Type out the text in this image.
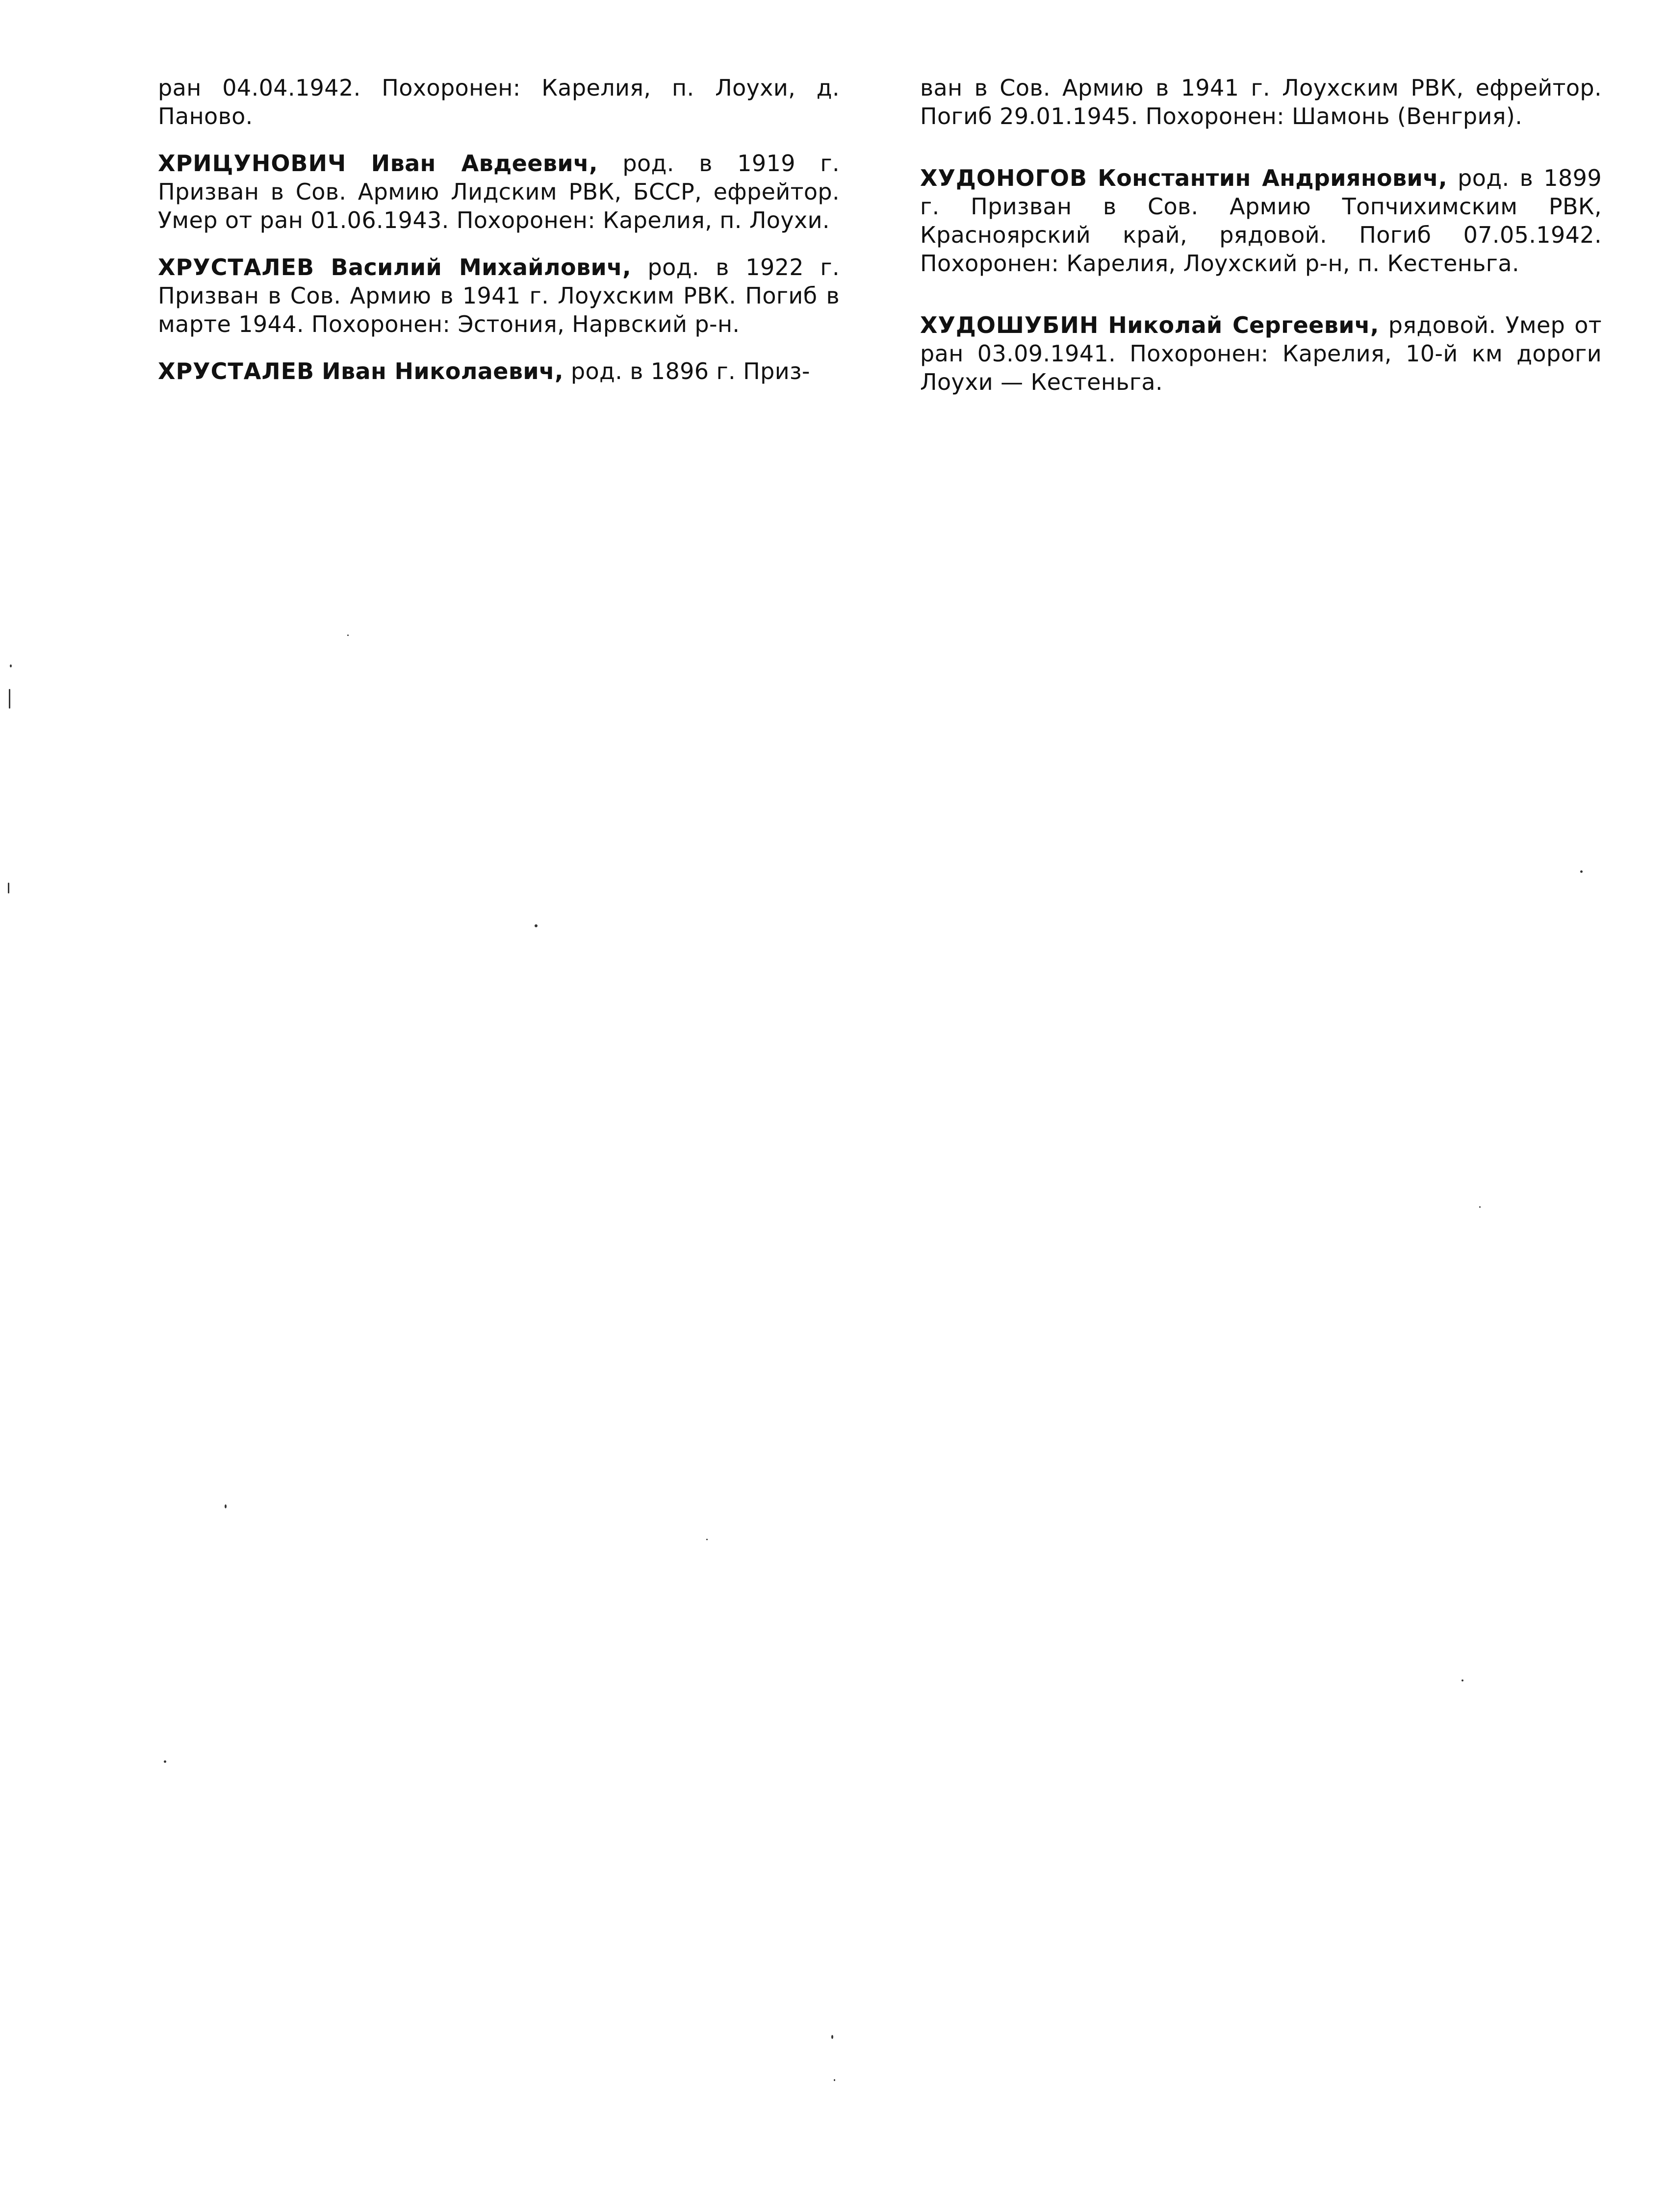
ран 04.04.1942. Похоронен: Карелия, п. Лоухи, д. Паново.

ХРИЦУНОВИЧ Иван Авдеевич, род. в 1919 г. Призван в Сов. Армию Лидским РВК, БССР, ефрейтор. Умер от ран 01.06.1943. Похоронен: Карелия, п. Лоухи.

ХРУСТАЛЕВ Василий Михайлович, род. в 1922 г. Призван в Сов. Армию в 1941 г. Лоухским РВК. Погиб в марте 1944. Похоронен: Эстония, Нарвский р-н.

ХРУСТАЛЕВ Иван Николаевич, род. в 1896 г. Приз-

ван в Сов. Армию в 1941 г. Лоухским РВК, ефрейтор. Погиб 29.01.1945. Похоронен: Шамонь (Венгрия).

ХУДОНОГОВ Константин Андриянович, род. в 1899 г. Призван в Сов. Армию Топчихимским РВК, Красноярский край, рядовой. Погиб 07.05.1942. Похоронен: Карелия, Лоухский р-н, п. Кестеньга.

ХУДОШУБИН Николай Сергеевич, рядовой. Умер от ран 03.09.1941. Похоронен: Карелия, 10-й км дороги Лоухи — Кестеньга.
